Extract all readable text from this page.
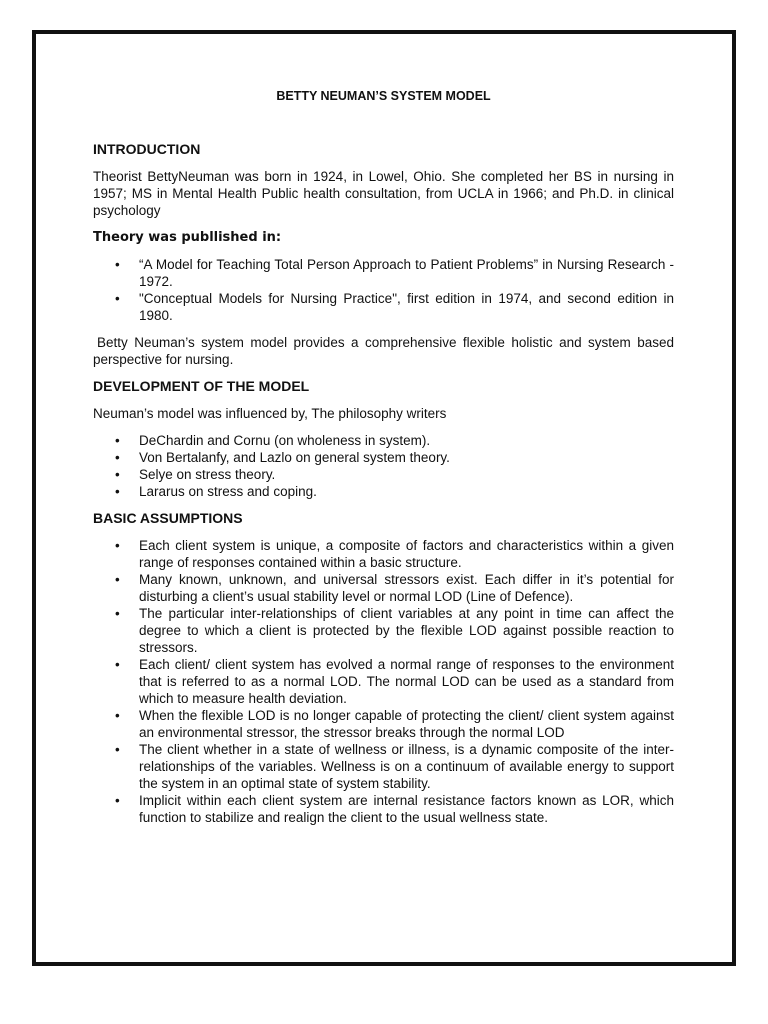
BETTY NEUMAN’S SYSTEM MODEL
INTRODUCTION

Theorist BettyNeuman was born in 1924, in Lowel, Ohio. She completed her BS in nursing in 1957; MS in Mental Health Public health consultation, from UCLA in 1966; and Ph.D. in clinical psychology

Theory was publlished in:
• “A Model for Teaching Total Person Approach to Patient Problems” in Nursing Research - 1972.
• "Conceptual Models for Nursing Practice", first edition in 1974, and second edition in 1980.

Betty Neuman’s system model provides a comprehensive flexible holistic and system based perspective for nursing.

DEVELOPMENT OF THE MODEL

Neuman’s model was influenced by, The philosophy writers

• DeChardin and Cornu (on wholeness in system).
• Von Bertalanfy, and Lazlo on general system theory.
• Selye on stress theory.
• Lararus on stress and coping.
BASIC ASSUMPTIONS
• Each client system is unique, a composite of factors and characteristics within a given range of responses contained within a basic structure.
• Many known, unknown, and universal stressors exist. Each differ in it’s potential for disturbing a client’s usual stability level or normal LOD (Line of Defence).
• The particular inter-relationships of client variables at any point in time can affect the degree to which a client is protected by the flexible LOD against possible reaction to stressors.
• Each client/ client system has evolved a normal range of responses to the environment that is referred to as a normal LOD. The normal LOD can be used as a standard from which to measure health deviation.
• When the flexible LOD is no longer capable of protecting the client/ client system against an environmental stressor, the stressor breaks through the normal LOD
• The client whether in a state of wellness or illness, is a dynamic composite of the inter-relationships of the variables. Wellness is on a continuum of available energy to support the system in an optimal state of system stability.
• Implicit within each client system are internal resistance factors known as LOR, which function to stabilize and realign the client to the usual wellness state.
